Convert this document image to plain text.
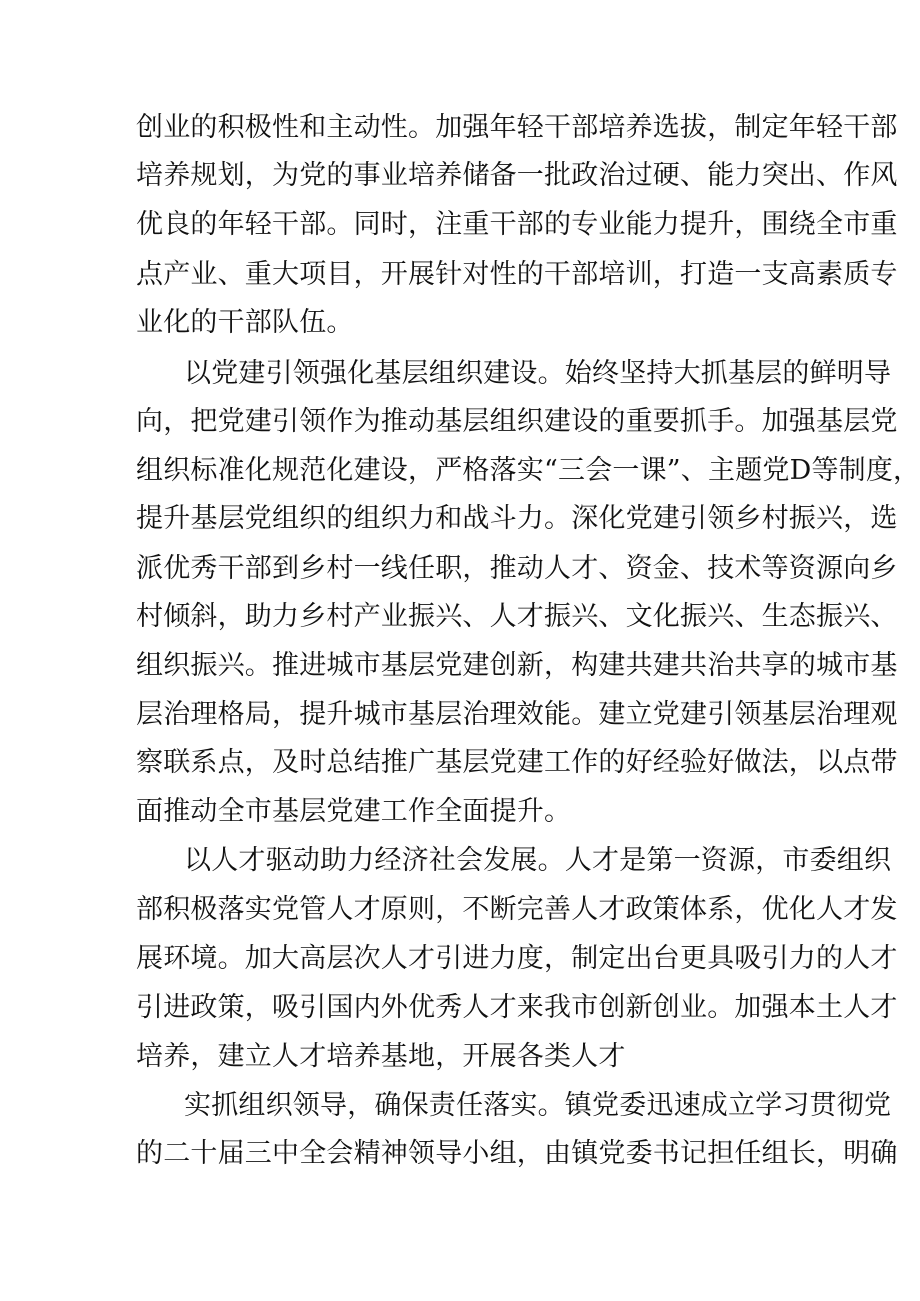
创业的积极性和主动性。加强年轻干部培养选拔，制定年轻干部
培养规划，为党的事业培养储备一批政治过硬、能力突出、作风
优良的年轻干部。同时，注重干部的专业能力提升，围绕全市重
点产业、重大项目，开展针对性的干部培训，打造一支高素质专
业化的干部队伍。
以党建引领强化基层组织建设。始终坚持大抓基层的鲜明导
向，把党建引领作为推动基层组织建设的重要抓手。加强基层党
组织标准化规范化建设，严格落实“三会一课”、主题党D等制度，
提升基层党组织的组织力和战斗力。深化党建引领乡村振兴，选
派优秀干部到乡村一线任职，推动人才、资金、技术等资源向乡
村倾斜，助力乡村产业振兴、人才振兴、文化振兴、生态振兴、
组织振兴。推进城市基层党建创新，构建共建共治共享的城市基
层治理格局，提升城市基层治理效能。建立党建引领基层治理观
察联系点，及时总结推广基层党建工作的好经验好做法，以点带
面推动全市基层党建工作全面提升。
以人才驱动助力经济社会发展。人才是第一资源，市委组织
部积极落实党管人才原则，不断完善人才政策体系，优化人才发
展环境。加大高层次人才引进力度，制定出台更具吸引力的人才
引进政策，吸引国内外优秀人才来我市创新创业。加强本土人才
培养，建立人才培养基地，开展各类人才
实抓组织领导，确保责任落实。镇党委迅速成立学习贯彻党
的二十届三中全会精神领导小组，由镇党委书记担任组长，明确
